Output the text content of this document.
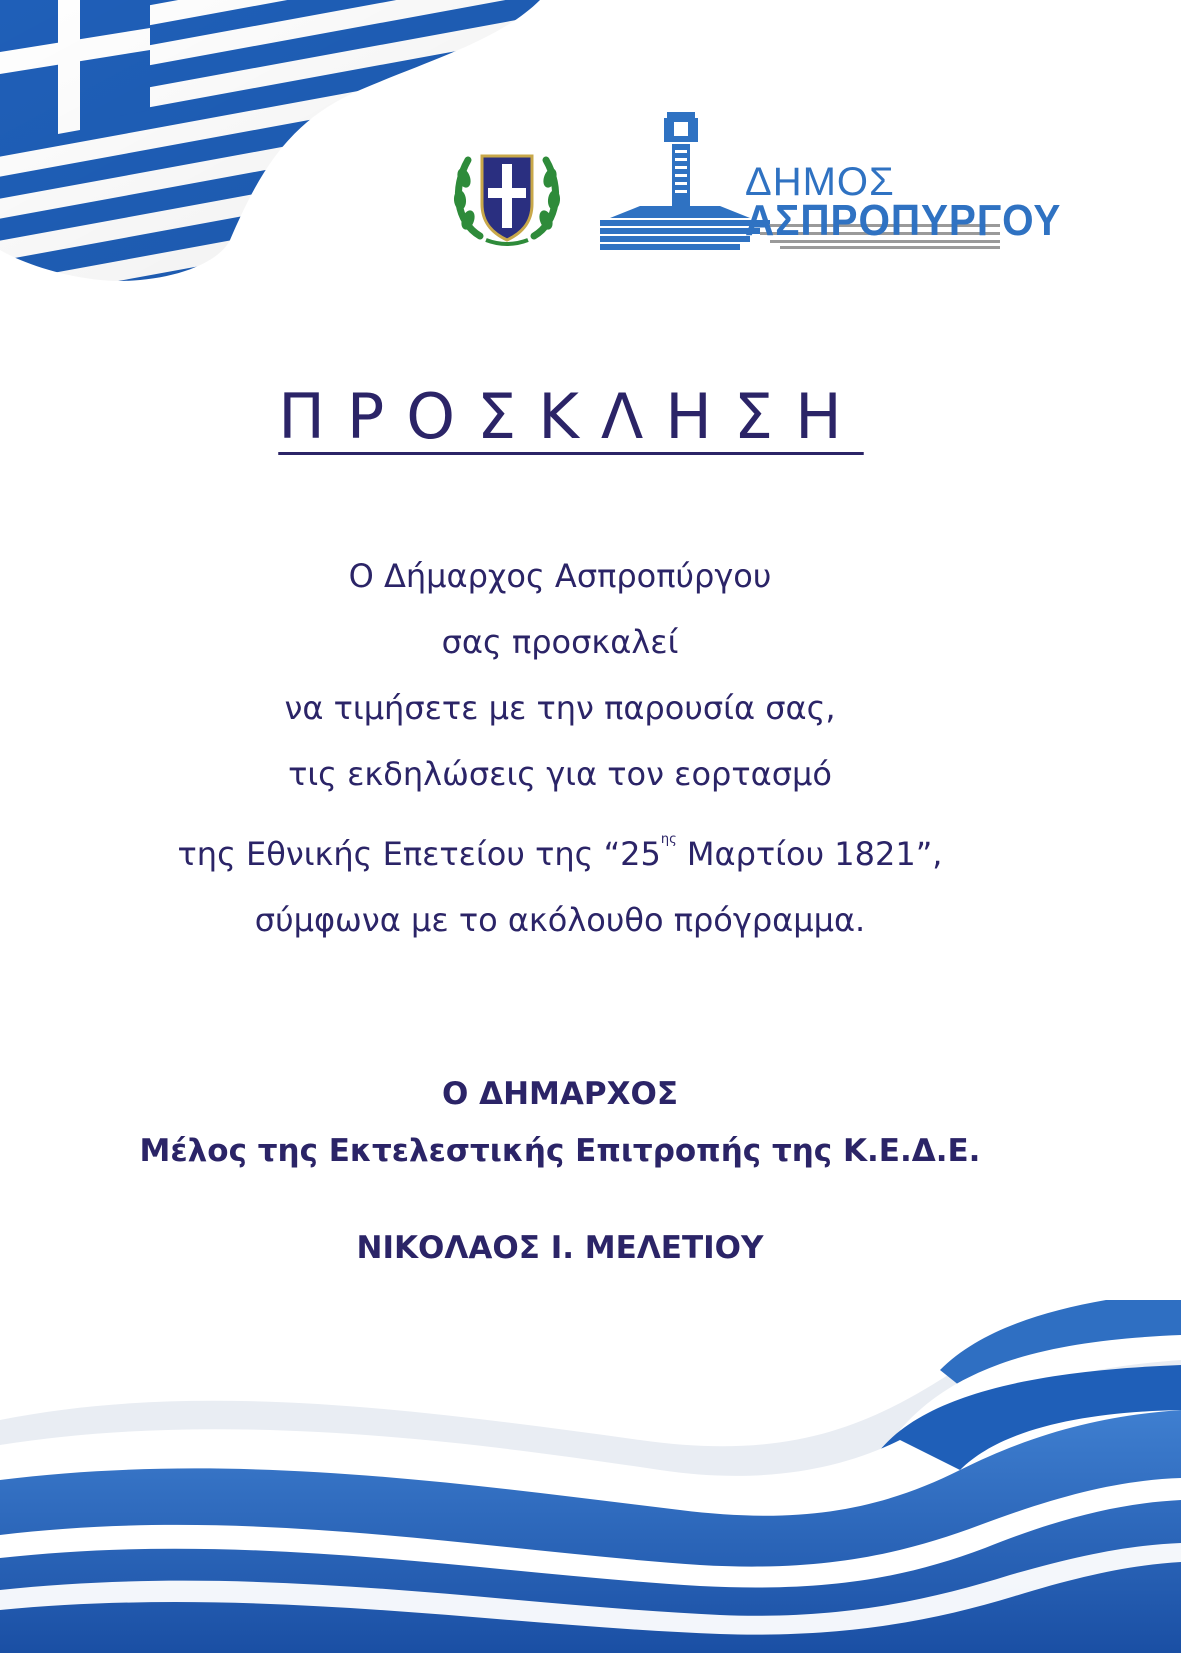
ΔΗΜΟΣ
ΑΣΠΡΟΠΥΡΓΟΥ
ΠΡΟΣΚΛΗΣΗ
Ο Δήμαρχος Ασπροπύργου
σας προσκαλεί
να τιμήσετε με την παρουσία σας,
τις εκδηλώσεις για τον εορτασμό
της Εθνικής Επετείου της “$25^{\eta\varsigma}$ Μαρτίου 1821”,
σύμφωνα με το ακόλουθο πρόγραμμα.
Ο ΔΗΜΑΡΧΟΣ
Μέλος της Εκτελεστικής Επιτροπής της Κ.Ε.Δ.Ε.
ΝΙΚΟΛΑΟΣ Ι. ΜΕΛΕΤΙΟΥ
